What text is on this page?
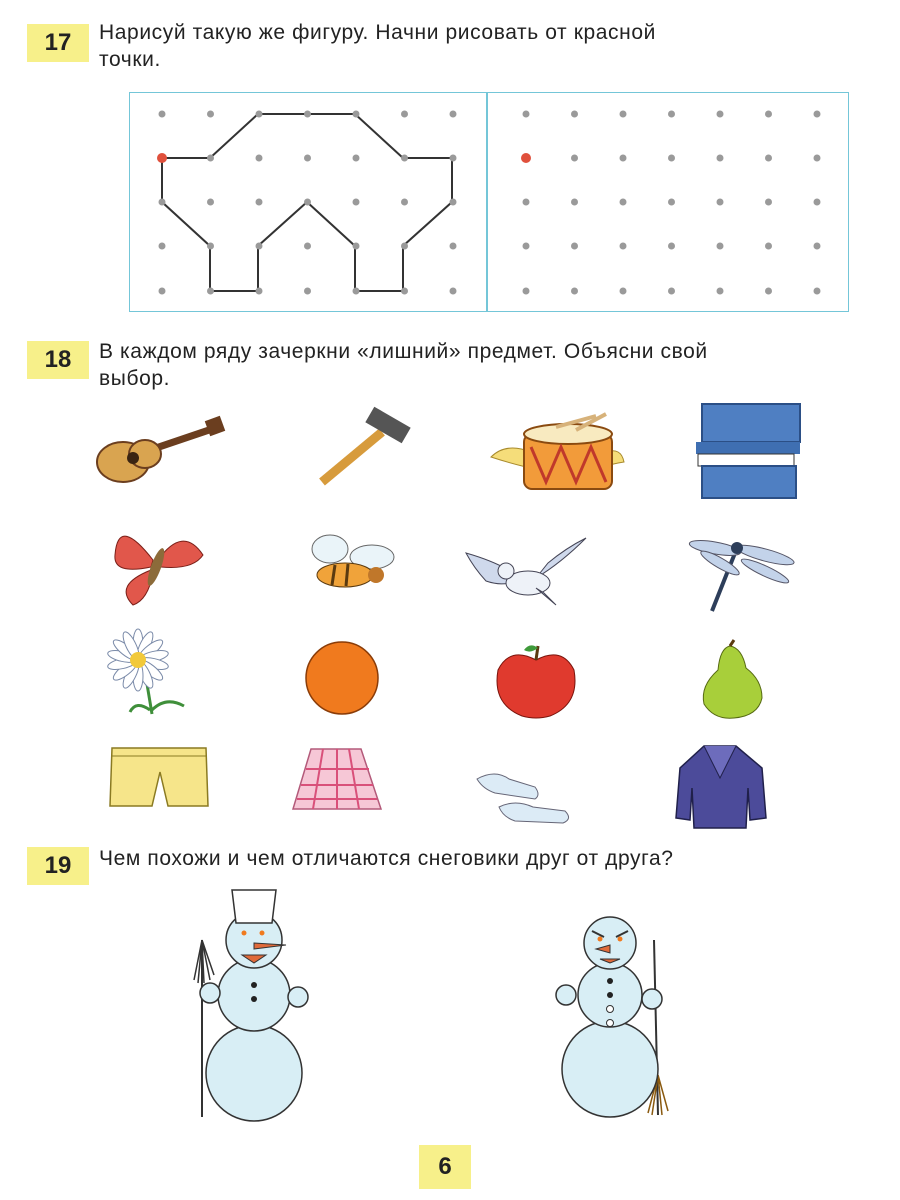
17	Нарисуй такую же фигуру. Начни рисовать от красной
точки.
18	В каждом ряду зачеркни «лишний» предмет. Объясни свой
выбор.
19	Чем похожи и чем отличаются снеговики друг от друга?
6
